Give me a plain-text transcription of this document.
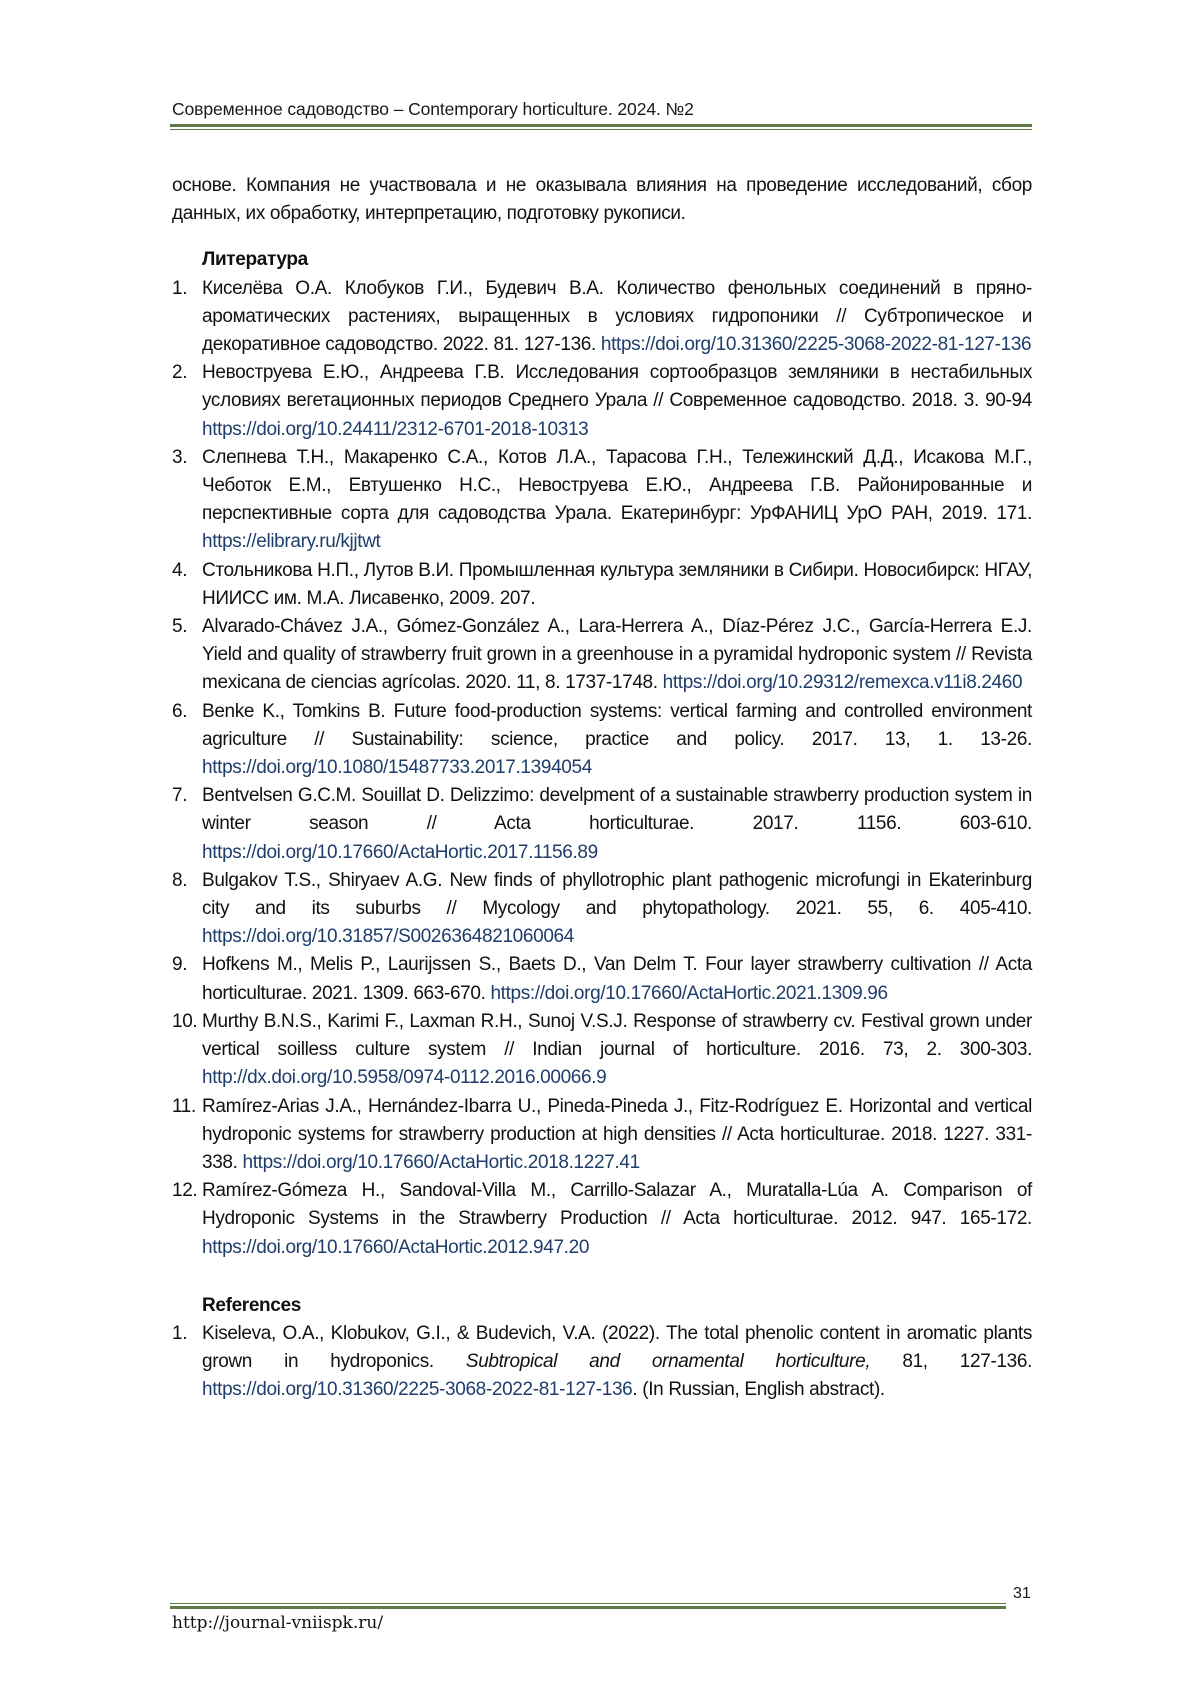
Современное садоводство – Contemporary horticulture. 2024. №2

основе. Компания не участвовала и не оказывала влияния на проведение исследований, сбор данных, их обработку, интерпретацию, подготовку рукописи.

Литература
1. Киселёва О.А. Клобуков Г.И., Будевич В.А. Количество фенольных соединений в пряно-ароматических растениях, выращенных в условиях гидропоники // Субтропическое и декоративное садоводство. 2022. 81. 127-136. https://doi.org/10.31360/2225-3068-2022-81-127-136
2. Невоструева Е.Ю., Андреева Г.В. Исследования сортообразцов земляники в нестабильных условиях вегетационных периодов Среднего Урала // Современное садоводство. 2018. 3. 90-94 https://doi.org/10.24411/2312-6701-2018-10313
3. Слепнева Т.Н., Макаренко С.А., Котов Л.А., Тарасова Г.Н., Тележинский Д.Д., Исакова М.Г., Чеботок Е.М., Евтушенко Н.С., Невоструева Е.Ю., Андреева Г.В. Районированные и перспективные сорта для садоводства Урала. Екатеринбург: УрФАНИЦ УрО РАН, 2019. 171. https://elibrary.ru/kjjtwt
4. Стольникова Н.П., Лутов В.И. Промышленная культура земляники в Сибири. Новосибирск: НГАУ, НИИСС им. М.А. Лисавенко, 2009. 207.
5. Alvarado-Chávez J.A., Gómez-González A., Lara-Herrera A., Díaz-Pérez J.C., García-Herrera E.J. Yield and quality of strawberry fruit grown in a greenhouse in a pyramidal hydroponic system // Revista mexicana de ciencias agrícolas. 2020. 11, 8. 1737-1748. https://doi.org/10.29312/remexca.v11i8.2460
6. Benke K., Tomkins B. Future food-production systems: vertical farming and controlled environment agriculture // Sustainability: science, practice and policy. 2017. 13, 1. 13-26. https://doi.org/10.1080/15487733.2017.1394054
7. Bentvelsen G.C.M. Souillat D. Delizzimo: develpment of a sustainable strawberry production system in winter season // Acta horticulturae. 2017. 1156. 603-610. https://doi.org/10.17660/ActaHortic.2017.1156.89
8. Bulgakov T.S., Shiryaev A.G. New finds of phyllotrophic plant pathogenic microfungi in Ekaterinburg city and its suburbs // Mycology and phytopathology. 2021. 55, 6. 405-410. https://doi.org/10.31857/S0026364821060064
9. Hofkens M., Melis P., Laurijssen S., Baets D., Van Delm T. Four layer strawberry cultivation // Acta horticulturae. 2021. 1309. 663-670. https://doi.org/10.17660/ActaHortic.2021.1309.96
10. Murthy B.N.S., Karimi F., Laxman R.H., Sunoj V.S.J. Response of strawberry cv. Festival grown under vertical soilless culture system // Indian journal of horticulture. 2016. 73, 2. 300-303. http://dx.doi.org/10.5958/0974-0112.2016.00066.9
11. Ramírez-Arias J.A., Hernández-Ibarra U., Pineda-Pineda J., Fitz-Rodríguez E. Horizontal and vertical hydroponic systems for strawberry production at high densities // Acta horticulturae. 2018. 1227. 331-338. https://doi.org/10.17660/ActaHortic.2018.1227.41
12. Ramírez-Gómeza H., Sandoval-Villa M., Carrillo-Salazar A., Muratalla-Lúa A. Comparison of Hydroponic Systems in the Strawberry Production // Acta horticulturae. 2012. 947. 165-172. https://doi.org/10.17660/ActaHortic.2012.947.20
References
1. Kiseleva, O.A., Klobukov, G.I., & Budevich, V.A. (2022). The total phenolic content in aromatic plants grown in hydroponics. Subtropical and ornamental horticulture, 81, 127-136. https://doi.org/10.31360/2225-3068-2022-81-127-136. (In Russian, English abstract).
31
http://journal-vniispk.ru/
